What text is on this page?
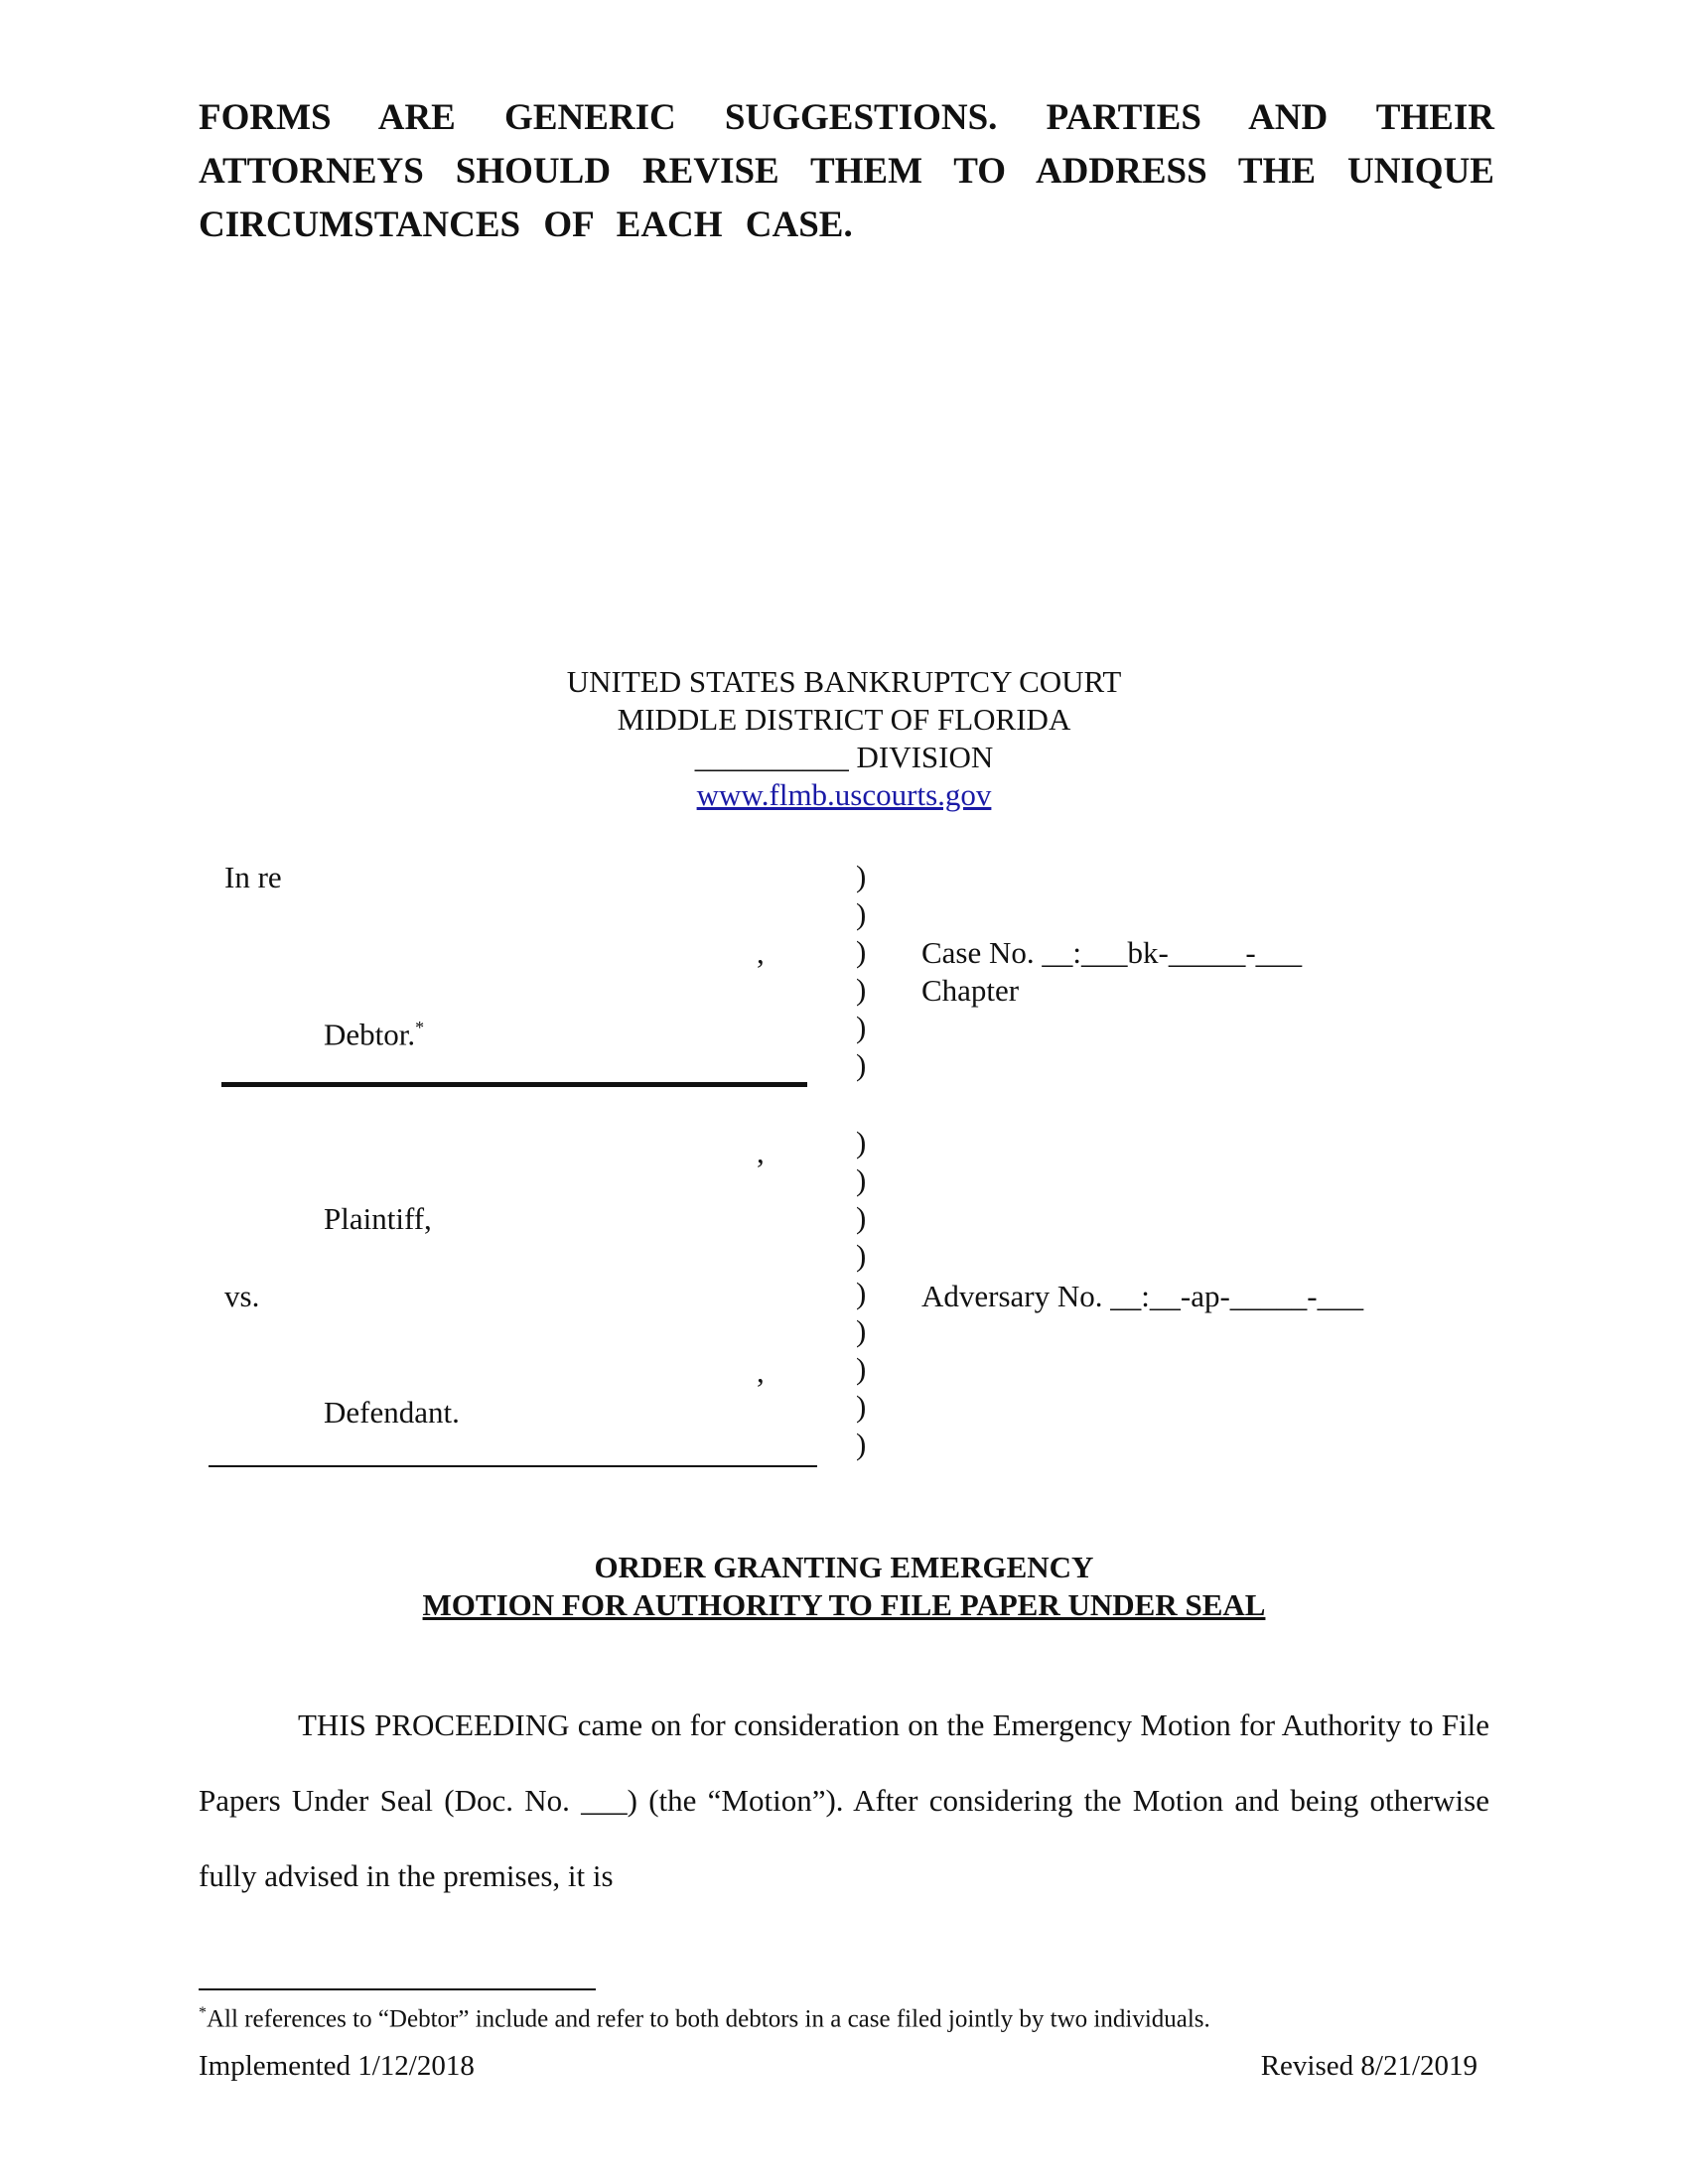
FORMS ARE GENERIC SUGGESTIONS. PARTIES AND THEIR
ATTORNEYS SHOULD REVISE THEM TO ADDRESS THE UNIQUE
CIRCUMSTANCES OF EACH CASE.
UNITED STATES BANKRUPTCY COURT
MIDDLE DISTRICT OF FLORIDA
__________ DIVISION
www.flmb.uscourts.gov
In re
,
Debtor.*
,
Plaintiff,
vs.
,
Defendant.
)
)
)
)
)
)
)
)
)
)
)
)
)
)
)
Case No. __:___bk-_____-___
Chapter
Adversary No. __:__-ap-_____-___
ORDER GRANTING EMERGENCY
MOTION FOR AUTHORITY TO FILE PAPER UNDER SEAL
THIS PROCEEDING came on for consideration on the Emergency Motion for Authority to File Papers Under Seal (Doc. No. ___) (the “Motion”). After considering the Motion and being otherwise fully advised in the premises, it is
*All references to “Debtor” include and refer to both debtors in a case filed jointly by two individuals.
Implemented 1/12/2018	Revised 8/21/2019
